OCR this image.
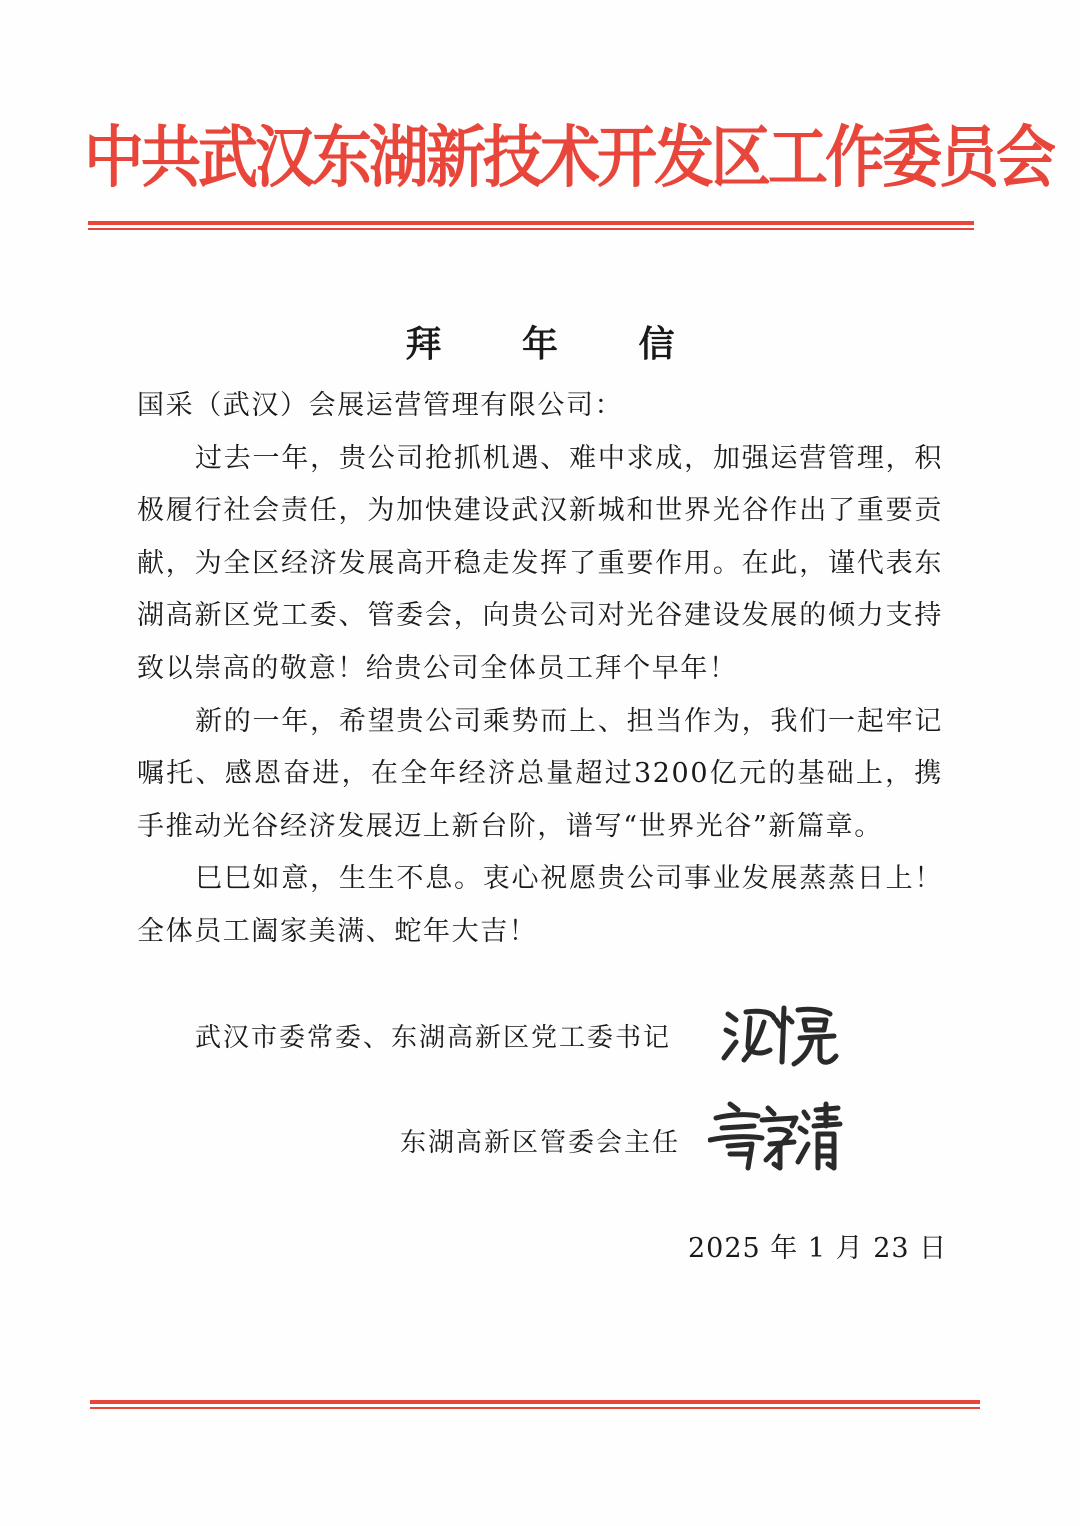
中共武汉东湖新技术开发区工作委员会
拜 年 信

国采（武汉）会展运营管理有限公司：

过去一年，贵公司抢抓机遇、难中求成，加强运营管理，积极履行社会责任，为加快建设武汉新城和世界光谷作出了重要贡献，为全区经济发展高开稳走发挥了重要作用。在此，谨代表东湖高新区党工委、管委会，向贵公司对光谷建设发展的倾力支持致以崇高的敬意！给贵公司全体员工拜个早年！

新的一年，希望贵公司乘势而上、担当作为，我们一起牢记嘱托、感恩奋进，在全年经济总量超过3200亿元的基础上，携手推动光谷经济发展迈上新台阶，谱写“世界光谷”新篇章。

巳巳如意，生生不息。衷心祝愿贵公司事业发展蒸蒸日上！全体员工阖家美满、蛇年大吉！

武汉市委常委、东湖高新区党工委书记
东湖高新区管委会主任
2025 年 1 月 23 日
